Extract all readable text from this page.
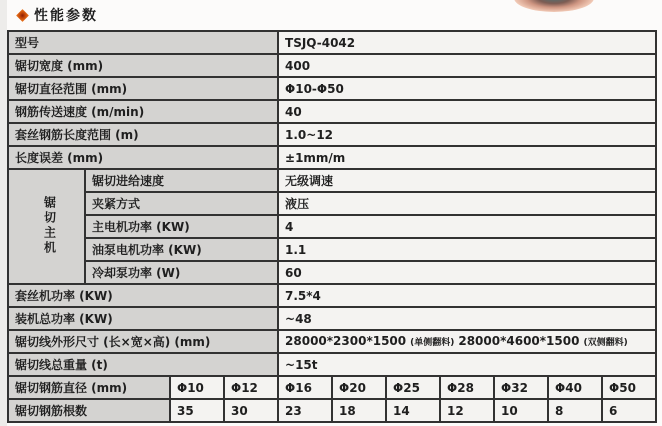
性能参数
型号				TSJQ-4042						
锯切宽度 (mm)				400						
锯切直径范围 (mm)				Φ10-Φ50						
钢筋传送速度 (m/min)				40						
套丝钢筋长度范围 (m)				1.0~12						
长度误差 (mm)				±1mm/m						
锯切主机	锯切进给速度			无级调速						
	夹紧方式			液压						
	主电机功率 (KW)			4						
	油泵电机功率 (KW)			1.1						
	冷却泵功率 (W)			60						
套丝机功率 (KW)				7.5*4						
装机总功率 (KW)				~48						
锯切线外形尺寸 (长×宽×高) (mm)				28000*2300*1500 (单侧翻料) 28000*4600*1500 (双侧翻料)						
锯切线总重量 (t)				~15t						
锯切钢筋直径 (mm)		Φ10	Φ12	Φ16	Φ20	Φ25	Φ28	Φ32	Φ40	Φ50
锯切钢筋根数		35	30	23	18	14	12	10	8	6
